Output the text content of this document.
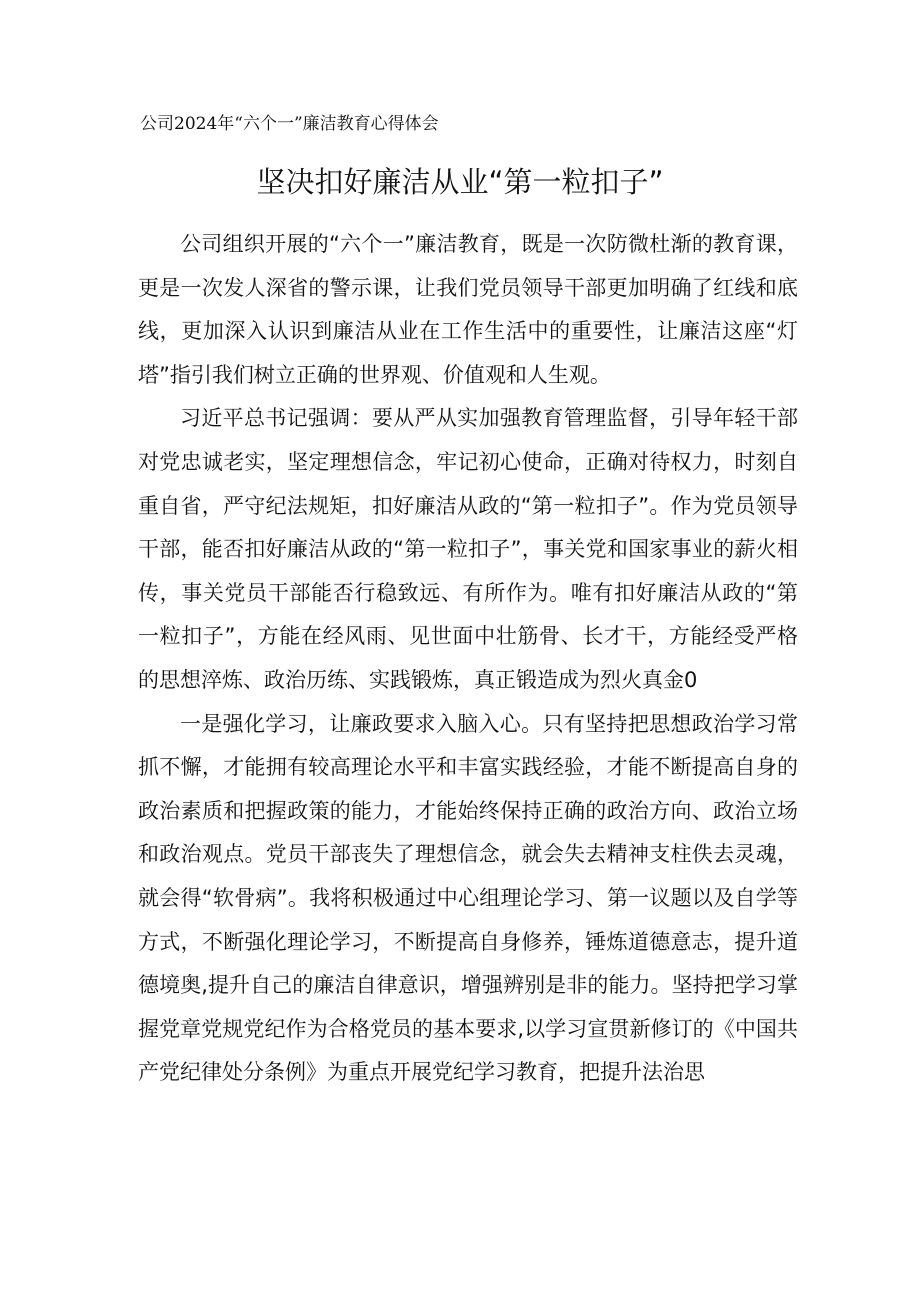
公司2024年“六个一”廉洁教育心得体会
坚决扣好廉洁从业“第一粒扣子”

公司组织开展的“六个一”廉洁教育，既是一次防微杜渐的教育课，更是一次发人深省的警示课，让我们党员领导干部更加明确了红线和底线，更加深入认识到廉洁从业在工作生活中的重要性，让廉洁这座“灯塔”指引我们树立正确的世界观、价值观和人生观。

习近平总书记强调：要从严从实加强教育管理监督，引导年轻干部对党忠诚老实，坚定理想信念，牢记初心使命，正确对待权力，时刻自重自省，严守纪法规矩，扣好廉洁从政的“第一粒扣子”。作为党员领导干部，能否扣好廉洁从政的“第一粒扣子”，事关党和国家事业的薪火相传，事关党员干部能否行稳致远、有所作为。唯有扣好廉洁从政的“第一粒扣子”，方能在经风雨、见世面中壮筋骨、长才干，方能经受严格的思想淬炼、政治历练、实践锻炼，真正锻造成为烈火真金0

一是强化学习，让廉政要求入脑入心。只有坚持把思想政治学习常抓不懈，才能拥有较高理论水平和丰富实践经验，才能不断提高自身的政治素质和把握政策的能力，才能始终保持正确的政治方向、政治立场和政治观点。党员干部丧失了理想信念，就会失去精神支柱佚去灵魂，就会得“软骨病”。我将积极通过中心组理论学习、第一议题以及自学等方式，不断强化理论学习，不断提高自身修养，锤炼道德意志，提升道德境奥,提升自己的廉洁自律意识，增强辨别是非的能力。坚持把学习掌握党章党规党纪作为合格党员的基本要求,以学习宣贯新修订的《中国共产党纪律处分条例》为重点开展党纪学习教育，把提升法治思
